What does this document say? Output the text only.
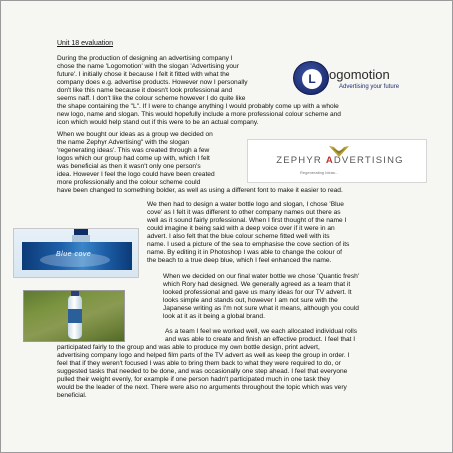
Unit 18 evaluation
During the production of designing an advertising company I
chose the name 'Logomotion' with the slogan 'Advertising your
future'. I initially chose it because I felt it fitted with what the
company does e.g. advertise products. However now I personally
don't like this name because it doesn't look professional and
seems naff. I don't like the colour scheme however I do quite like
the shape containing the "L". If I were to change anything I would probably come up with a whole
new logo, name and slogan. This would hopefully include a more professional colour scheme and
icon which would help stand out if this were to be an actual company.
L	ogomotion
Advertising your future
When we bought our ideas as a group we decided on
the name Zephyr Advertising" with the slogan
'regenerating ideas'. This was created through a few
logos which our group had come up with, which I felt
was beneficial as then it wasn't only one person's
idea. However I feel the logo could have been created
more professionally and the colour scheme could
have been changed to something bolder, as well as using a different font to make it easier to read.
ZEPHYR ADVERTISING
Regenerating Ideas...
Blue cove
We then had to design a water bottle logo and slogan, I chose 'Blue
cove' as I felt it was different to other company names out there as
well as it sound fairly professional. When I first thought of the name I
could imagine it being said with a deep voice over if it were in an
advert. I also felt that the blue colour scheme fitted well with its
name. I used a picture of the sea to emphasise the cove section of its
name. By editing it in Photoshop I was able to change the colour of
the beach to a true deep blue, which I feel enhanced the name.
When we decided on our final water bottle we chose 'Quantic fresh'
which Rory had designed. We generally agreed as a team that it
looked professional and gave us many ideas for our TV advert. It
looks simple and stands out, however I am not sure with the
Japanese writing as I'm not sure what it means, although you could
look at it as it being a global brand.
As a team I feel we worked well, we each allocated individual rolls
and was able to create and finish an effective product. I feel that I
participated fairly to the group and was able to produce my own bottle design, print advert,
advertising company logo and helped film parts of the TV advert as well as keep the group in order. I
feel that if they weren't focused I was able to bring them back to what they were required to do, or
suggested tasks that needed to be done, and was occasionally one step ahead. I feel that everyone
pulled their weight evenly, for example if one person hadn't participated much in one task they
would be the leader of the next. There were also no arguments throughout the topic which was very
beneficial.
